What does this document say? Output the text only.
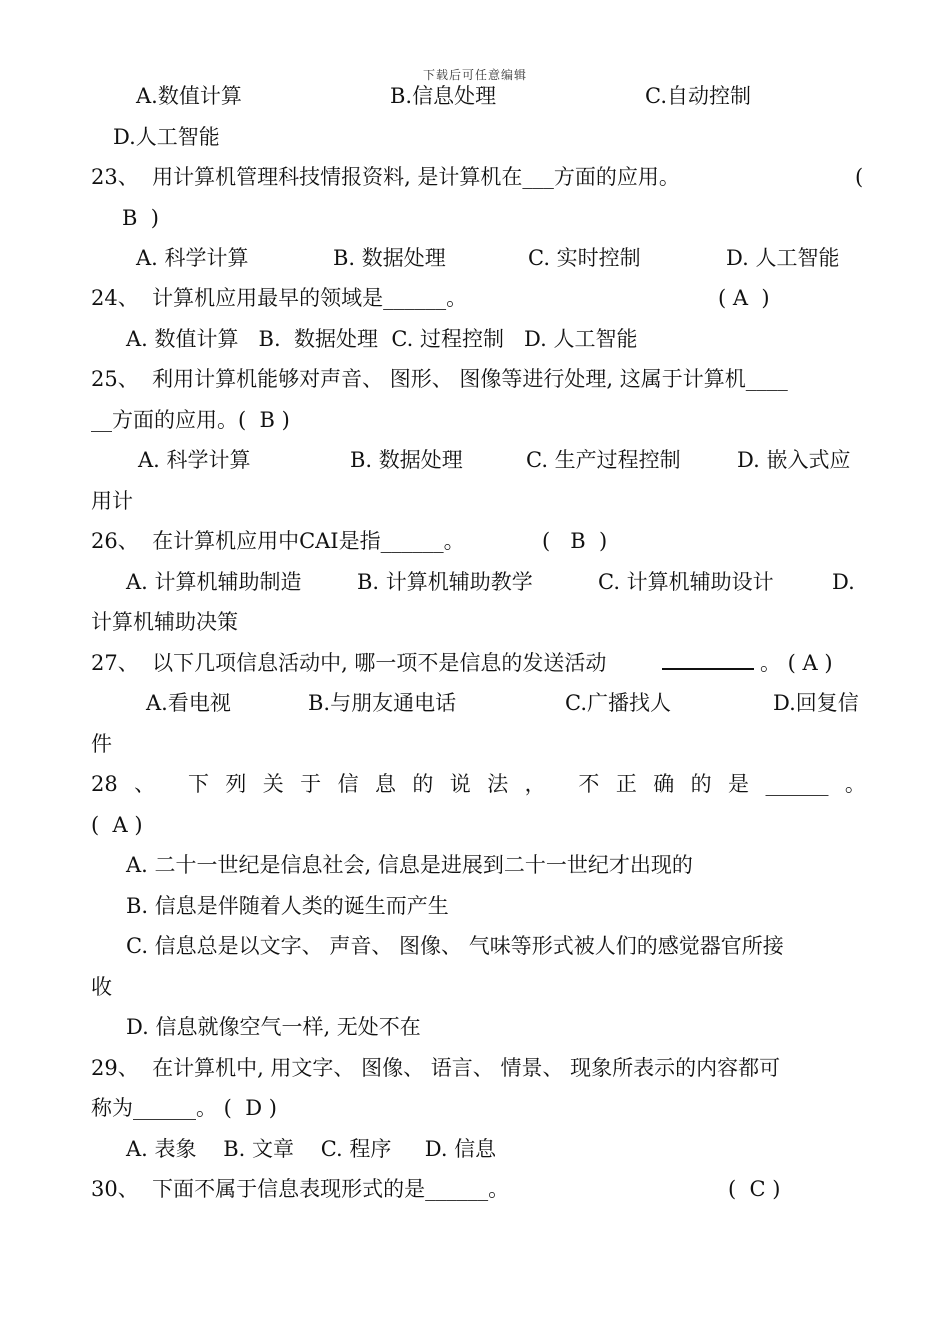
下载后可任意编辑
A.数值计算	B.信息处理	C.自动控制
D.人工智能
23、  用计算机管理科技情报资料, 是计算机在___方面的应用。	(
B  )
A. 科学计算	B. 数据处理	C. 实时控制	D. 人工智能
24、  计算机应用最早的领域是______。	( A  )
A. 数值计算   B.  数据处理  C. 过程控制   D. 人工智能
25、  利用计算机能够对声音、 图形、 图像等进行处理, 这属于计算机____
__方面的应用。(  B )
A. 科学计算	B. 数据处理	C. 生产过程控制	D. 嵌入式应
用计
26、  在计算机应用中CAI是指______。	(   B  )
A. 计算机辅助制造	B. 计算机辅助教学	C. 计算机辅助设计	D.
计算机辅助决策
27、  以下几项信息活动中, 哪一项不是信息的发送活动	。 ( A )
A.看电视	B.与朋友通电话	C.广播找人	D.回复信
件
28 、 下 列 关 于 信 息 的 说 法 ， 不 正 确 的 是 ______ 。
(  A )
A. 二十一世纪是信息社会, 信息是进展到二十一世纪才出现的
B. 信息是伴随着人类的诞生而产生
C. 信息总是以文字、 声音、 图像、 气味等形式被人们的感觉器官所接
收
D. 信息就像空气一样, 无处不在
29、  在计算机中, 用文字、 图像、 语言、 情景、 现象所表示的内容都可
称为______。 (  D )
A. 表象    B. 文章    C. 程序     D. 信息
30、  下面不属于信息表现形式的是______。	(  C )
